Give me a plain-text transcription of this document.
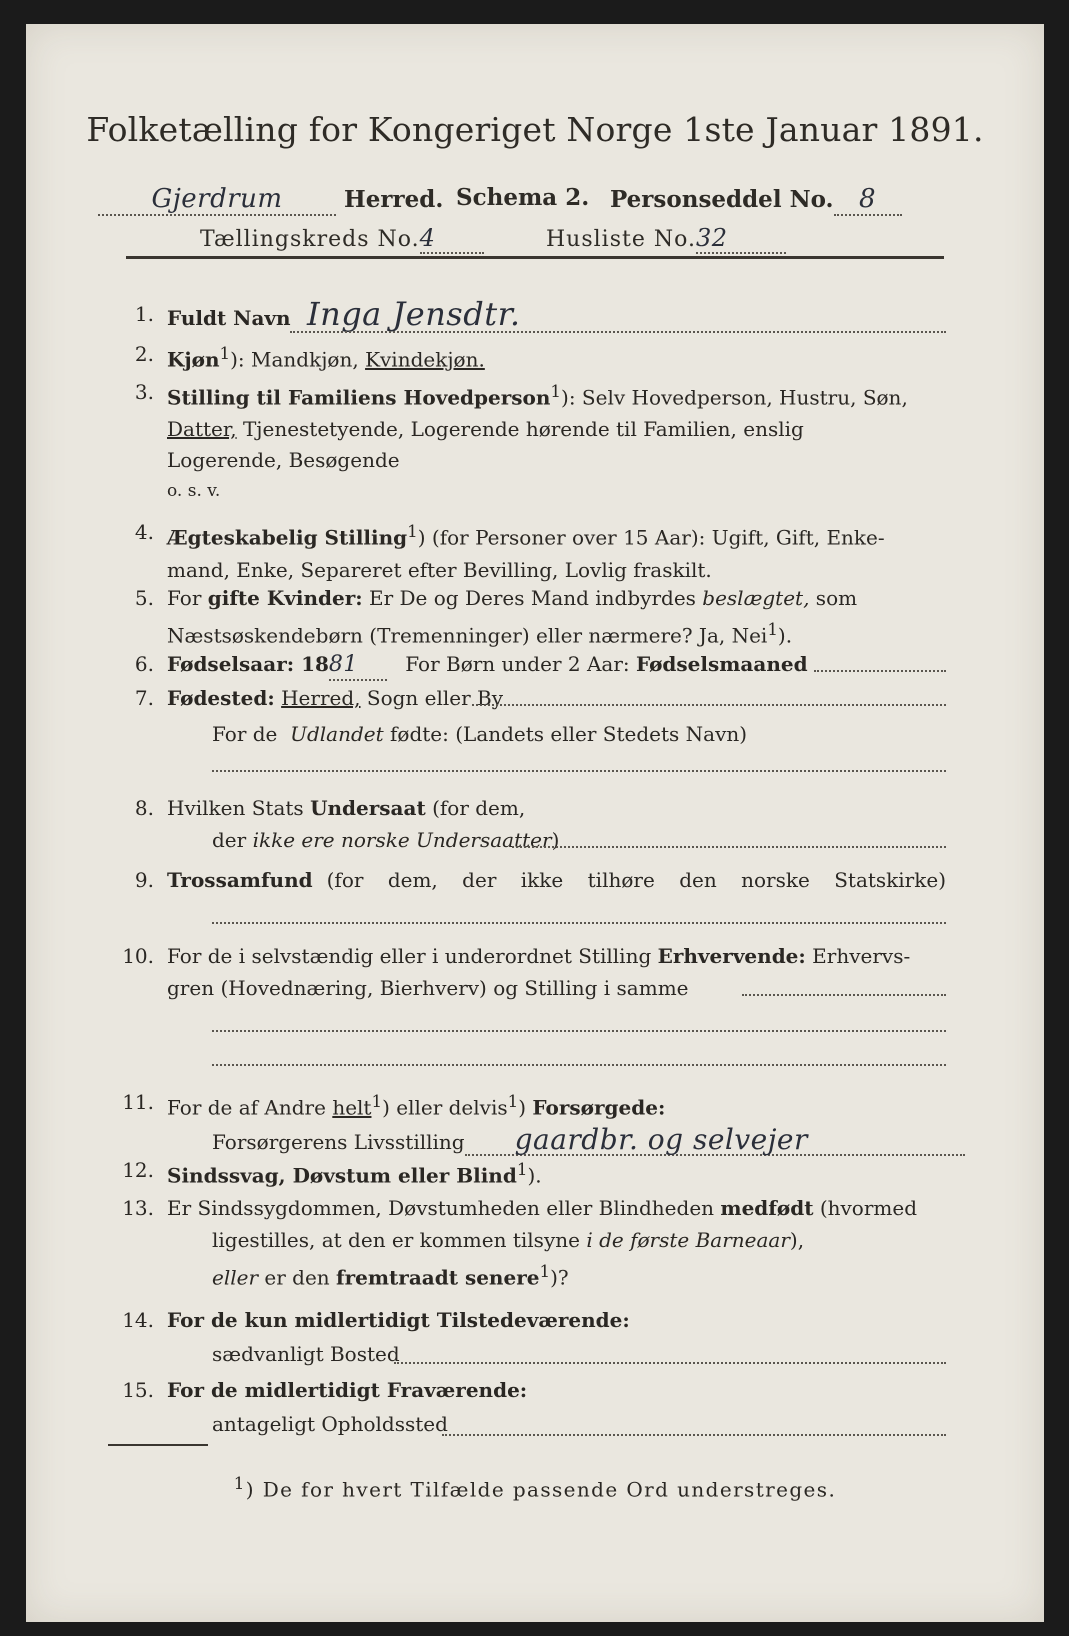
Folketælling for Kongeriget Norge 1ste Januar 1891.
Gjerdrum	Herred. Schema 2. Personseddel No. 8
Tællingskreds No.4	Husliste No.32
1. Fuldt Navn Inga Jensdtr.
2. Kjøn$^1$): Mandkjøn, Kvindekjøn.
3. Stilling til Familiens Hovedperson$^1$): Selv Hovedperson, Hustru, Søn,
Datter, Tjenestetyende, Logerende hørende til Familien, enslig
Logerende, Besøgende
o. s. v.
4. Ægteskabelig Stilling$^1$) (for Personer over 15 Aar): Ugift, Gift, Enke-
mand, Enke, Separeret efter Bevilling, Lovlig fraskilt.
5. For gifte Kvinder: Er De og Deres Mand indbyrdes beslægtet, som
Næstsøskendebørn (Tremenninger) eller nærmere? Ja, Nei$^1$).
6. Fødselsaar: 1881 For Børn under 2 Aar: Fødselsmaaned
7. Fødested: Herred, Sogn eller By
For de Udlandet fødte: (Landets eller Stedets Navn)
8. Hvilken Stats Undersaat (for dem,
der ikke ere norske Undersaatter)
9. Trossamfund (for dem, der ikke tilhøre den norske Statskirke)
10. For de i selvstændig eller i underordnet Stilling Erhvervende: Erhvervs-
gren (Hovednæring, Bierhverv) og Stilling i samme
11. For de af Andre helt$^1$) eller delvis$^1$) Forsørgede:
Forsørgerens Livsstilling gaardbr. og selvejer
12. Sindssvag, Døvstum eller Blind$^1$).
13. Er Sindssygdommen, Døvstumheden eller Blindheden medfødt (hvormed
ligestilles, at den er kommen tilsyne i de første Barneaar),
eller er den fremtraadt senere$^1$)?
14. For de kun midlertidigt Tilstedeværende:
sædvanligt Bosted
15. For de midlertidigt Fraværende:
antageligt Opholdssted
$^1$) De for hvert Tilfælde passende Ord understreges.
